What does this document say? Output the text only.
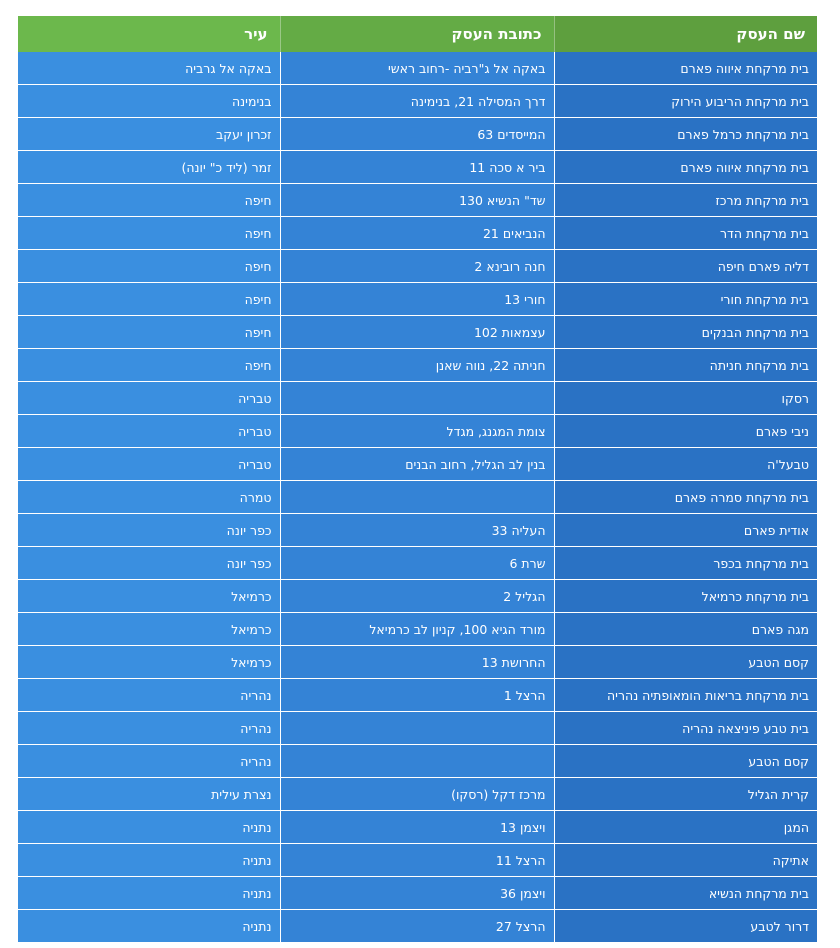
שם העסק	כתובת העסק	עיר
בית מרקחת איווה פארם	באקה אל ג"רביה -רחוב ראשי	באקה אל גרביה
בית מרקחת הריבוע הירוק	דרך המסילה 21, בנימינה	בנימינה
בית מרקחת כרמל פארם	המייסדים 63	זכרון יעקב
בית מרקחת איווה פארם	ביר א סכה 11	זמר (ליד כ" יונה)
בית מרקחת מרכז	שד" הנשיא 130	חיפה
בית מרקחת הדר	הנביאים 21	חיפה
דליה פארם חיפה	חנה רובינא 2	חיפה
בית מרקחת חורי	חורי 13	חיפה
בית מרקחת הבנקים	עצמאות 102	חיפה
בית מרקחת חניתה	חניתה 22, נווה שאנן	חיפה
רסקו		טבריה
ניבי פארם	צומת המגנג, מגדל	טבריה
טבעל'ה	בנין לב הגליל, רחוב הבנים	טבריה
בית מרקחת סמרה פארם		טמרה
אודית פארם	העליה 33	כפר יונה
בית מרקחת בכפר	שרת 6	כפר יונה
בית מרקחת כרמיאל	הגליל 2	כרמיאל
מגה פארם	מורד הגיא 100, קניון לב כרמיאל	כרמיאל
קסם הטבע	החרושת 13	כרמיאל
בית מרקחת בריאות הומאופתיה נהריה	הרצל 1	נהריה
בית טבע פיניצאה נהריה		נהריה
קסם הטבע		נהריה
קרית הגליל	מרכז דקל (רסקו)	נצרת עילית
המגן	ויצמן 13	נתניה
אתיקה	הרצל 11	נתניה
בית מרקחת הנשיא	ויצמן 36	נתניה
דרור לטבע	הרצל 27	נתניה
